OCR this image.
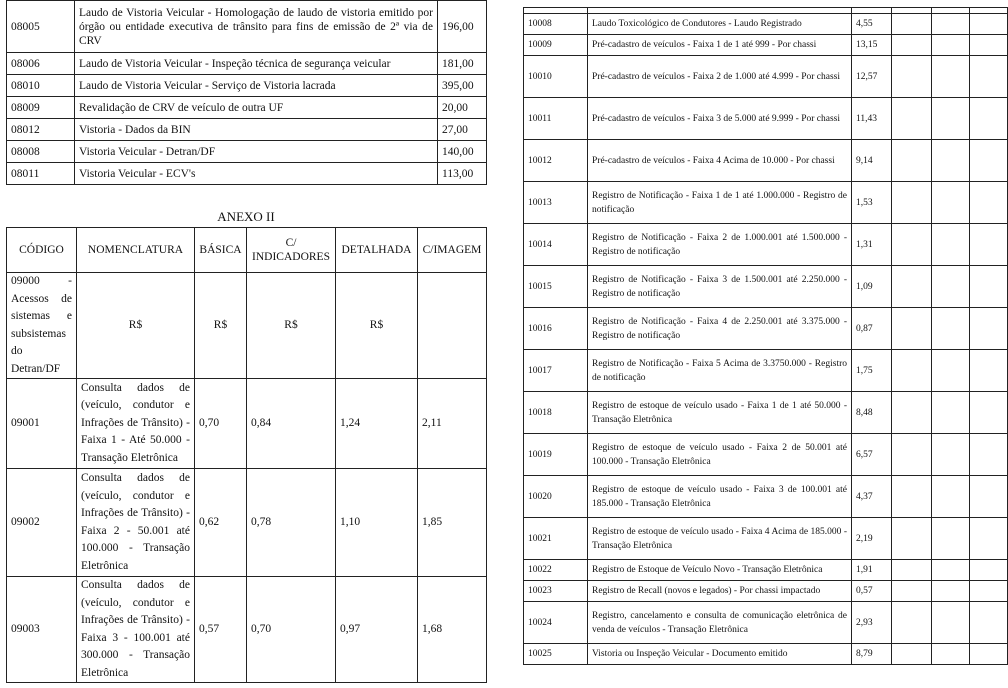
08005	Laudo de Vistoria Veicular - Homologação de laudo de vistoria emitido por órgão ou entidade executiva de trânsito para fins de emissão de 2ª via de CRV	196,00
08006	Laudo de Vistoria Veicular - Inspeção técnica de segurança veicular	181,00
08010	Laudo de Vistoria Veicular - Serviço de Vistoria lacrada	395,00
08009	Revalidação de CRV de veículo de outra UF	20,00
08012	Vistoria - Dados da BIN	27,00
08008	Vistoria Veicular - Detran/DF	140,00
08011	Vistoria Veicular - ECV's	113,00
ANEXO II
CÓDIGO	NOMENCLATURA	BÁSICA	C/ INDICADORES	DETALHADA	C/IMAGEM
09000 - Acessos de sistemas e subsistemas do Detran/DF	R$	R$	R$	R$	
09001	Consulta dados de (veículo, condutor e Infrações de Trânsito) - Faixa 1 - Até 50.000 - Transação Eletrônica	0,70	0,84	1,24	2,11
09002	Consulta dados de (veículo, condutor e Infrações de Trânsito) - Faixa 2 - 50.001 até 100.000 - Transação Eletrônica	0,62	0,78	1,10	1,85
09003	Consulta dados de (veículo, condutor e Infrações de Trânsito) - Faixa 3 - 100.001 até 300.000 - Transação Eletrônica	0,57	0,70	0,97	1,68

10008	Laudo Toxicológico de Condutores - Laudo Registrado	4,55			
10009	Pré-cadastro de veículos - Faixa 1 de 1 até 999 - Por chassi	13,15			
10010	Pré-cadastro de veículos - Faixa 2 de 1.000 até 4.999 - Por chassi	12,57			
10011	Pré-cadastro de veículos - Faixa 3 de 5.000 até 9.999 - Por chassi	11,43			
10012	Pré-cadastro de veículos - Faixa 4 Acima de 10.000 - Por chassi	9,14			
10013	Registro de Notificação - Faixa 1 de 1 até 1.000.000 - Registro de notificação	1,53			
10014	Registro de Notificação - Faixa 2 de 1.000.001 até 1.500.000 - Registro de notificação	1,31			
10015	Registro de Notificação - Faixa 3 de 1.500.001 até 2.250.000 - Registro de notificação	1,09			
10016	Registro de Notificação - Faixa 4 de 2.250.001 até 3.375.000 - Registro de notificação	0,87			
10017	Registro de Notificação - Faixa 5 Acima de 3.3750.000 - Registro de notificação	1,75			
10018	Registro de estoque de veículo usado - Faixa 1 de 1 até 50.000 - Transação Eletrônica	8,48			
10019	Registro de estoque de veículo usado - Faixa 2 de 50.001 até 100.000 - Transação Eletrônica	6,57			
10020	Registro de estoque de veículo usado - Faixa 3 de 100.001 até 185.000 - Transação Eletrônica	4,37			
10021	Registro de estoque de veículo usado - Faixa 4 Acima de 185.000 - Transação Eletrônica	2,19			
10022	Registro de Estoque de Veículo Novo - Transação Eletrônica	1,91			
10023	Registro de Recall (novos e legados) - Por chassi impactado	0,57			
10024	Registro, cancelamento e consulta de comunicação eletrônica de venda de veículos - Transação Eletrônica	2,93			
10025	Vistoria ou Inspeção Veicular - Documento emitido	8,79			
